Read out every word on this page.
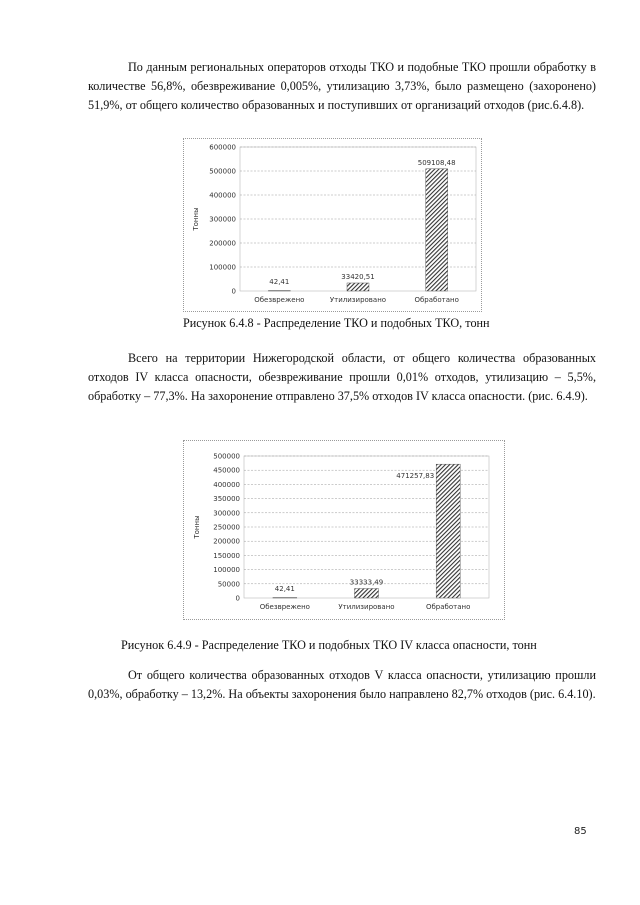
По данным региональных операторов отходы ТКО и подобные ТКО прошли обработку в количестве 56,8%, обезвреживание 0,005%, утилизацию 3,73%, было размещено (захоронено) 51,9%, от общего количество образованных и поступивших от организаций отходов (рис.6.4.8).

0
100000
200000
300000
400000
500000
600000
Тонны
42,41
Обезврежено
33420,51
Утилизировано
509108,48
Обработано

Рисунок 6.4.8 - Распределение ТКО и подобных ТКО, тонн

Всего на территории Нижегородской области, от общего количества образованных отходов IV класса опасности, обезвреживание прошли 0,01% отходов, утилизацию – 5,5%, обработку – 77,3%. На захоронение отправлено 37,5% отходов IV класса опасности. (рис. 6.4.9).

0
50000
100000
150000
200000
250000
300000
350000
400000
450000
500000
Тонны
42,41
Обезврежено
33333,49
Утилизировано
471257,83
Обработано

Рисунок 6.4.9 - Распределение ТКО и подобных ТКО IV класса опасности, тонн

От общего количества образованных отходов V класса опасности, утилизацию прошли 0,03%, обработку – 13,2%. На объекты захоронения было направлено 82,7% отходов (рис. 6.4.10).

85
